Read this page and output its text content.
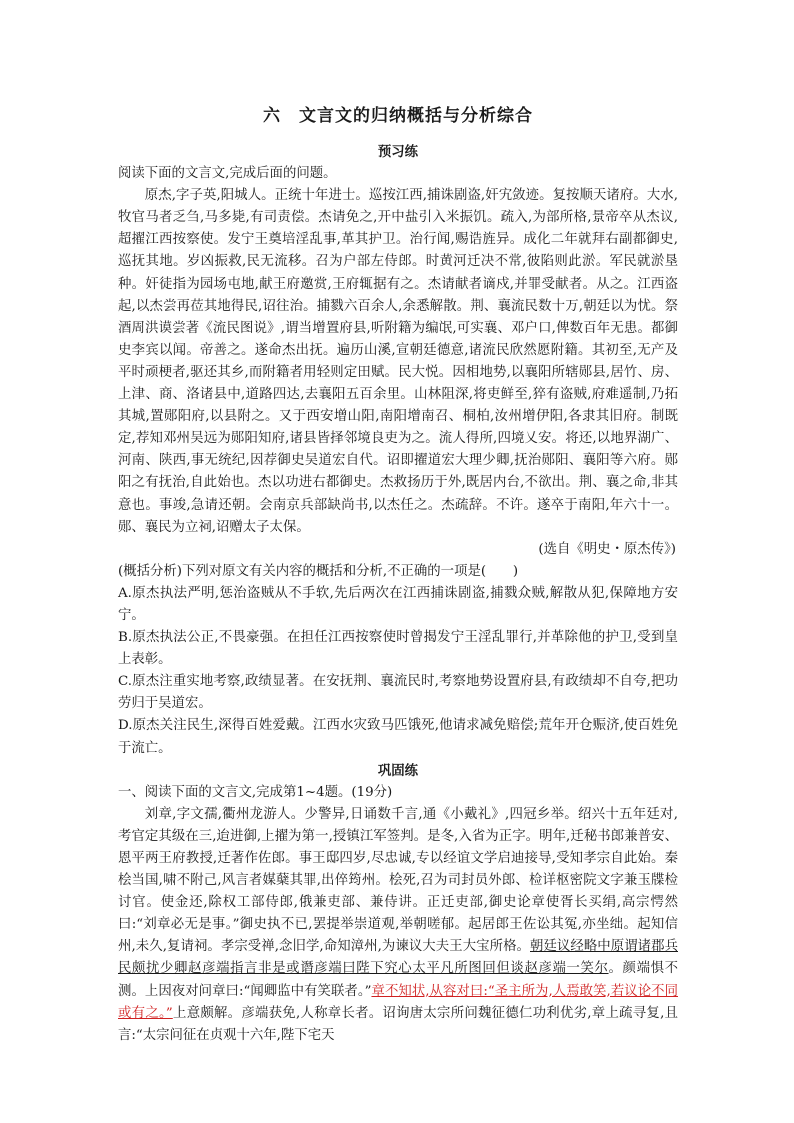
六　文言文的归纳概括与分析综合
预习练

阅读下面的文言文,完成后面的问题。

原杰,字子英,阳城人。正统十年进士。巡按江西,捕诛剧盗,奸宄敛迹。复按顺天诸府。大水,牧官马者乏刍,马多毙,有司责偿。杰请免之,开中盐引入米振饥。疏入,为部所格,景帝卒从杰议,超擢江西按察使。发宁王奠培淫乱事,革其护卫。治行闻,赐诰旌异。成化二年就拜右副都御史,巡抚其地。岁凶振救,民无流移。召为户部左侍郎。时黄河迁决不常,彼陷则此淤。军民就淤垦种。奸徒指为园场屯地,献王府邀赏,王府辄据有之。杰请献者谪戍,并罪受献者。从之。江西盗起,以杰尝再莅其地得民,诏往治。捕戮六百余人,余悉解散。荆、襄流民数十万,朝廷以为忧。祭酒周洪谟尝著《流民图说》,谓当增置府县,听附籍为编氓,可实襄、邓户口,俾数百年无患。都御史李宾以闻。帝善之。遂命杰出抚。遍历山溪,宣朝廷德意,诸流民欣然愿附籍。其初至,无产及平时顽梗者,驱还其乡,而附籍者用轻则定田赋。民大悦。因相地势,以襄阳所辖郧县,居竹、房、上津、商、洛诸县中,道路四达,去襄阳五百余里。山林阻深,将吏鲜至,猝有盗贼,府难遥制,乃拓其城,置郧阳府,以县附之。又于西安增山阳,南阳增南召、桐柏,汝州增伊阳,各隶其旧府。制既定,荐知邓州吴远为郧阳知府,诸县皆择邻境良吏为之。流人得所,四境乂安。将还,以地界湖广、河南、陕西,事无统纪,因荐御史吴道宏自代。诏即擢道宏大理少卿,抚治郧阳、襄阳等六府。郧阳之有抚治,自此始也。杰以功进右都御史。杰救扬历于外,既居内台,不欲出。荆、襄之命,非其意也。事竣,急请还朝。会南京兵部缺尚书,以杰任之。杰疏辞。不许。遂卒于南阳,年六十一。郧、襄民为立祠,诏赠太子太保。

(选自《明史・原杰传》)

(概括分析)下列对原文有关内容的概括和分析,不正确的一项是(　　)

A.原杰执法严明,惩治盗贼从不手软,先后两次在江西捕诛剧盗,捕戮众贼,解散从犯,保障地方安宁。

B.原杰执法公正,不畏豪强。在担任江西按察使时曾揭发宁王淫乱罪行,并革除他的护卫,受到皇上表彰。

C.原杰注重实地考察,政绩显著。在安抚荆、襄流民时,考察地势设置府县,有政绩却不自夸,把功劳归于吴道宏。

D.原杰关注民生,深得百姓爱戴。江西水灾致马匹饿死,他请求减免赔偿;荒年开仓赈济,使百姓免于流亡。

巩固练

一、阅读下面的文言文,完成第1~4题。(19分)

刘章,字文孺,衢州龙游人。少警异,日诵数千言,通《小戴礼》,四冠乡举。绍兴十五年廷对,考官定其级在三,迨进御,上擢为第一,授镇江军签判。是冬,入省为正字。明年,迁秘书郎兼普安、恩平两王府教授,迁著作佐郎。事王邸四岁,尽忠诚,专以经谊文学启迪接导,受知孝宗自此始。秦桧当国,啸不附己,风言者媒蘖其罪,出倅筠州。桧死,召为司封员外郎、检详枢密院文字兼玉牒检讨官。使金还,除权工部侍郎,俄兼吏部、兼侍讲。正迁吏部,御史论章使胥长买绢,高宗愕然曰:“刘章必无是事。”御史执不已,罢提举崇道观,举朝嗟郁。起居郎王佐讼其冤,亦坐绌。起知信州,未久,复请祠。孝宗受禅,念旧学,命知漳州,为谏议大夫王大宝所格。朝廷议经略中原谓诸郡兵民颇扰少卿赵彦端指言非是或谮彦端曰陛下究心太平凡所图回但谈赵彦端一笑尔。颜端惧不测。上因夜对问章曰:“闻卿监中有笑联者。”章不知状,从容对曰:“圣主所为,人焉敢笑,若议论不同或有之。”上意颇解。彦端获免,人称章长者。诏询唐太宗所问魏征德仁功利优劣,章上疏寻复,且言:“太宗问征在贞观十六年,陛下宅天
